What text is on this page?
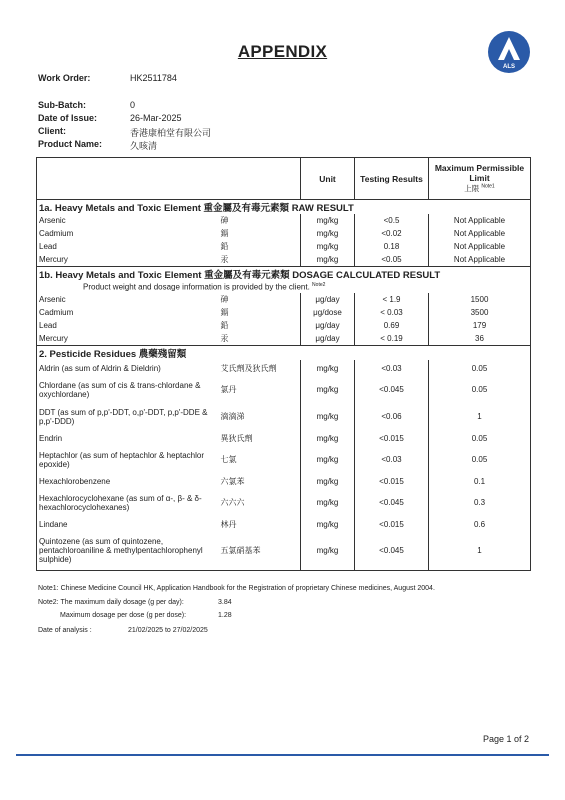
APPENDIX
ALS
Work Order:	HK2511784
Sub-Batch:	0
Date of Issue:	26-Mar-2025
Client:	香港康柏堂有限公司
Product Name:	久咳清
		Unit	Testing Results	Maximum Permissible Limit
上限 $^{Note1}$

1a. Heavy Metals and Toxic Element 重金屬及有毒元素類 RAW RESULT				
Arsenic	砷	mg/kg	<0.5	Not Applicable
Cadmium	鎘	mg/kg	<0.02	Not Applicable
Lead	鉛	mg/kg	0.18	Not Applicable
Mercury	汞	mg/kg	<0.05	Not Applicable
1b. Heavy Metals and Toxic Element 重金屬及有毒元素類 DOSAGE CALCULATED RESULT				
Product weight and dosage information is provided by the client. $^{Note2}$
Arsenic	砷	μg/day	< 1.9	1500
Cadmium	鎘	μg/dose	< 0.03	3500
Lead	鉛	μg/day	0.69	179
Mercury	汞	μg/day	< 0.19	36
2. Pesticide Residues 農藥殘留類				
Aldrin (as sum of Aldrin & Dieldrin)	艾氏劑及狄氏劑	mg/kg	<0.03	0.05
Chlordane (as sum of cis & trans-chlordane & oxychlordane)	氯丹	mg/kg	<0.045	0.05
DDT (as sum of p,p'-DDT, o,p'-DDT, p,p'-DDE & p,p'-DDD)	滴滴涕	mg/kg	<0.06	1
Endrin	異狄氏劑	mg/kg	<0.015	0.05
Heptachlor (as sum of heptachlor & heptachlor epoxide)	七氯	mg/kg	<0.03	0.05
Hexachlorobenzene	六氯苯	mg/kg	<0.015	0.1
Hexachlorocyclohexane (as sum of α-, β- & δ-hexachlorocyclohexanes)	六六六	mg/kg	<0.045	0.3
Lindane	林丹	mg/kg	<0.015	0.6
Quintozene (as sum of quintozene, pentachloroaniline & methylpentachlorophenyl sulphide)	五氯硝基苯	mg/kg	<0.045	1
Note1: Chinese Medicine Council HK, Application Handbook for the Registration of proprietary Chinese medicines, August 2004.
Note2: The maximum daily dosage (g per day):	3.84
Maximum dosage per dose (g per dose):	1.28
Date of analysis :	21/02/2025 to 27/02/2025
Page 1 of 2
